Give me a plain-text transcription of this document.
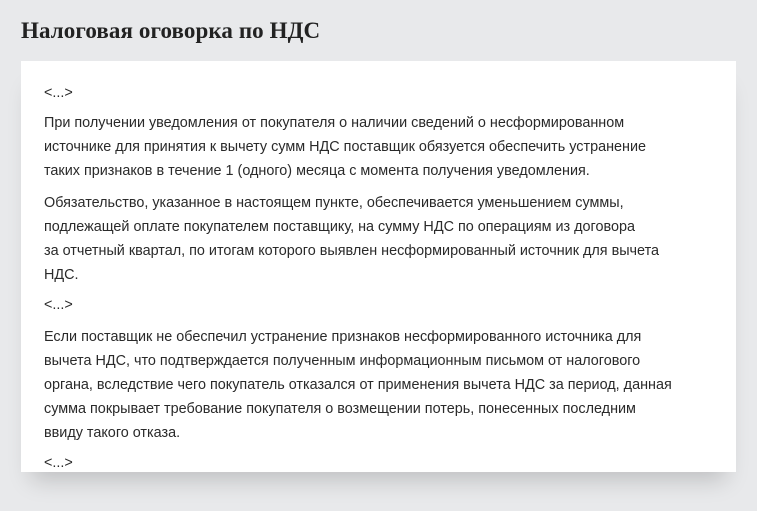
Налоговая оговорка по НДС

<...>

При получении уведомления от покупателя о наличии сведений о несформированном
источнике для принятия к вычету сумм НДС поставщик обязуется обеспечить устранение
таких признаков в течение 1 (одного) месяца с момента получения уведомления.

Обязательство, указанное в настоящем пункте, обеспечивается уменьшением суммы,
подлежащей оплате покупателем поставщику, на сумму НДС по операциям из договора
за отчетный квартал, по итогам которого выявлен несформированный источник для вычета
НДС.

<...>

Если поставщик не обеспечил устранение признаков несформированного источника для
вычета НДС, что подтверждается полученным информационным письмом от налогового
органа, вследствие чего покупатель отказался от применения вычета НДС за период, данная
сумма покрывает требование покупателя о возмещении потерь, понесенных последним
ввиду такого отказа.

<...>
